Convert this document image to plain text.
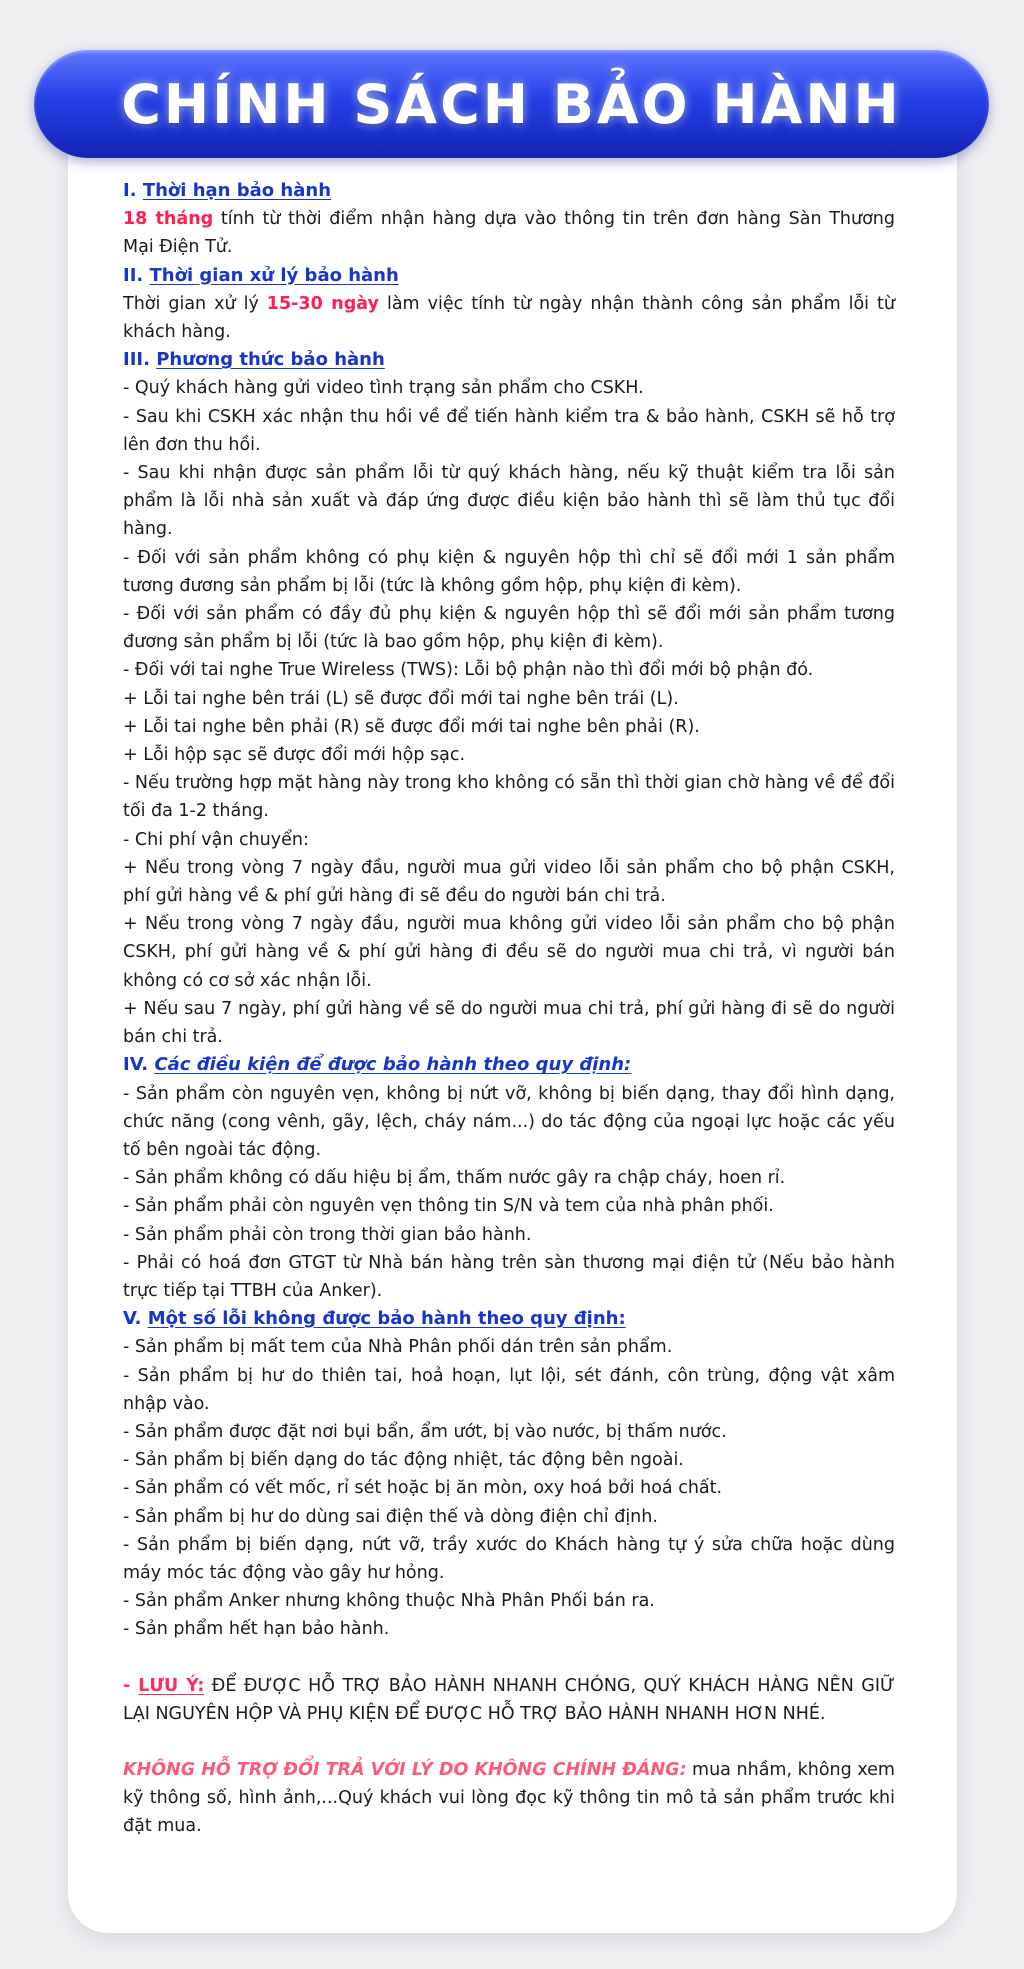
CHÍNH SÁCH BẢO HÀNH
I. Thời hạn bảo hành
18 tháng tính từ thời điểm nhận hàng dựa vào thông tin trên đơn hàng Sàn Thương Mại Điện Tử.
II. Thời gian xử lý bảo hành
Thời gian xử lý 15-30 ngày làm việc tính từ ngày nhận thành công sản phẩm lỗi từ khách hàng.
III. Phương thức bảo hành
- Quý khách hàng gửi video tình trạng sản phẩm cho CSKH.
- Sau khi CSKH xác nhận thu hồi về để tiến hành kiểm tra & bảo hành, CSKH sẽ hỗ trợ lên đơn thu hồi.
- Sau khi nhận được sản phẩm lỗi từ quý khách hàng, nếu kỹ thuật kiểm tra lỗi sản phẩm là lỗi nhà sản xuất và đáp ứng được điều kiện bảo hành thì sẽ làm thủ tục đổi hàng.
- Đối với sản phẩm không có phụ kiện & nguyên hộp thì chỉ sẽ đổi mới 1 sản phẩm tương đương sản phẩm bị lỗi (tức là không gồm hộp, phụ kiện đi kèm).
- Đối với sản phẩm có đầy đủ phụ kiện & nguyên hộp thì sẽ đổi mới sản phẩm tương đương sản phẩm bị lỗi (tức là bao gồm hộp, phụ kiện đi kèm).
- Đối với tai nghe True Wireless (TWS): Lỗi bộ phận nào thì đổi mới bộ phận đó.
+ Lỗi tai nghe bên trái (L) sẽ được đổi mới tai nghe bên trái (L).
+ Lỗi tai nghe bên phải (R) sẽ được đổi mới tai nghe bên phải (R).
+ Lỗi hộp sạc sẽ được đổi mới hộp sạc.
- Nếu trường hợp mặt hàng này trong kho không có sẵn thì thời gian chờ hàng về để đổi tối đa 1-2 tháng.
- Chi phí vận chuyển:
+ Nếu trong vòng 7 ngày đầu, người mua gửi video lỗi sản phẩm cho bộ phận CSKH, phí gửi hàng về & phí gửi hàng đi sẽ đều do người bán chi trả.
+ Nếu trong vòng 7 ngày đầu, người mua không gửi video lỗi sản phẩm cho bộ phận CSKH, phí gửi hàng về & phí gửi hàng đi đều sẽ do người mua chi trả, vì người bán không có cơ sở xác nhận lỗi.
+ Nếu sau 7 ngày, phí gửi hàng về sẽ do người mua chi trả, phí gửi hàng đi sẽ do người bán chi trả.
IV. Các điều kiện để được bảo hành theo quy định:
- Sản phẩm còn nguyên vẹn, không bị nứt vỡ, không bị biến dạng, thay đổi hình dạng, chức năng (cong vênh, gãy, lệch, cháy nám...) do tác động của ngoại lực hoặc các yếu tố bên ngoài tác động.
- Sản phẩm không có dấu hiệu bị ẩm, thấm nước gây ra chập cháy, hoen rỉ.
- Sản phẩm phải còn nguyên vẹn thông tin S/N và tem của nhà phân phối.
- Sản phẩm phải còn trong thời gian bảo hành.
- Phải có hoá đơn GTGT từ Nhà bán hàng trên sàn thương mại điện tử (Nếu bảo hành trực tiếp tại TTBH của Anker).
V. Một số lỗi không được bảo hành theo quy định:
- Sản phẩm bị mất tem của Nhà Phân phối dán trên sản phẩm.
- Sản phẩm bị hư do thiên tai, hoả hoạn, lụt lội, sét đánh, côn trùng, động vật xâm nhập vào.
- Sản phẩm được đặt nơi bụi bẩn, ẩm ướt, bị vào nước, bị thấm nước.
- Sản phẩm bị biến dạng do tác động nhiệt, tác động bên ngoài.
- Sản phẩm có vết mốc, rỉ sét hoặc bị ăn mòn, oxy hoá bởi hoá chất.
- Sản phẩm bị hư do dùng sai điện thế và dòng điện chỉ định.
- Sản phẩm bị biến dạng, nứt vỡ, trầy xước do Khách hàng tự ý sửa chữa hoặc dùng máy móc tác động vào gây hư hỏng.
- Sản phẩm Anker nhưng không thuộc Nhà Phân Phối bán ra.
- Sản phẩm hết hạn bảo hành.
- LƯU Ý: ĐỂ ĐƯỢC HỖ TRỢ BẢO HÀNH NHANH CHÓNG, QUÝ KHÁCH HÀNG NÊN GIỮ LẠI NGUYÊN HỘP VÀ PHỤ KIỆN ĐỂ ĐƯỢC HỖ TRỢ BẢO HÀNH NHANH HƠN NHÉ.
KHÔNG HỖ TRỢ ĐỔI TRẢ VỚI LÝ DO KHÔNG CHÍNH ĐÁNG: mua nhầm, không xem kỹ thông số, hình ảnh,...Quý khách vui lòng đọc kỹ thông tin mô tả sản phẩm trước khi đặt mua.
